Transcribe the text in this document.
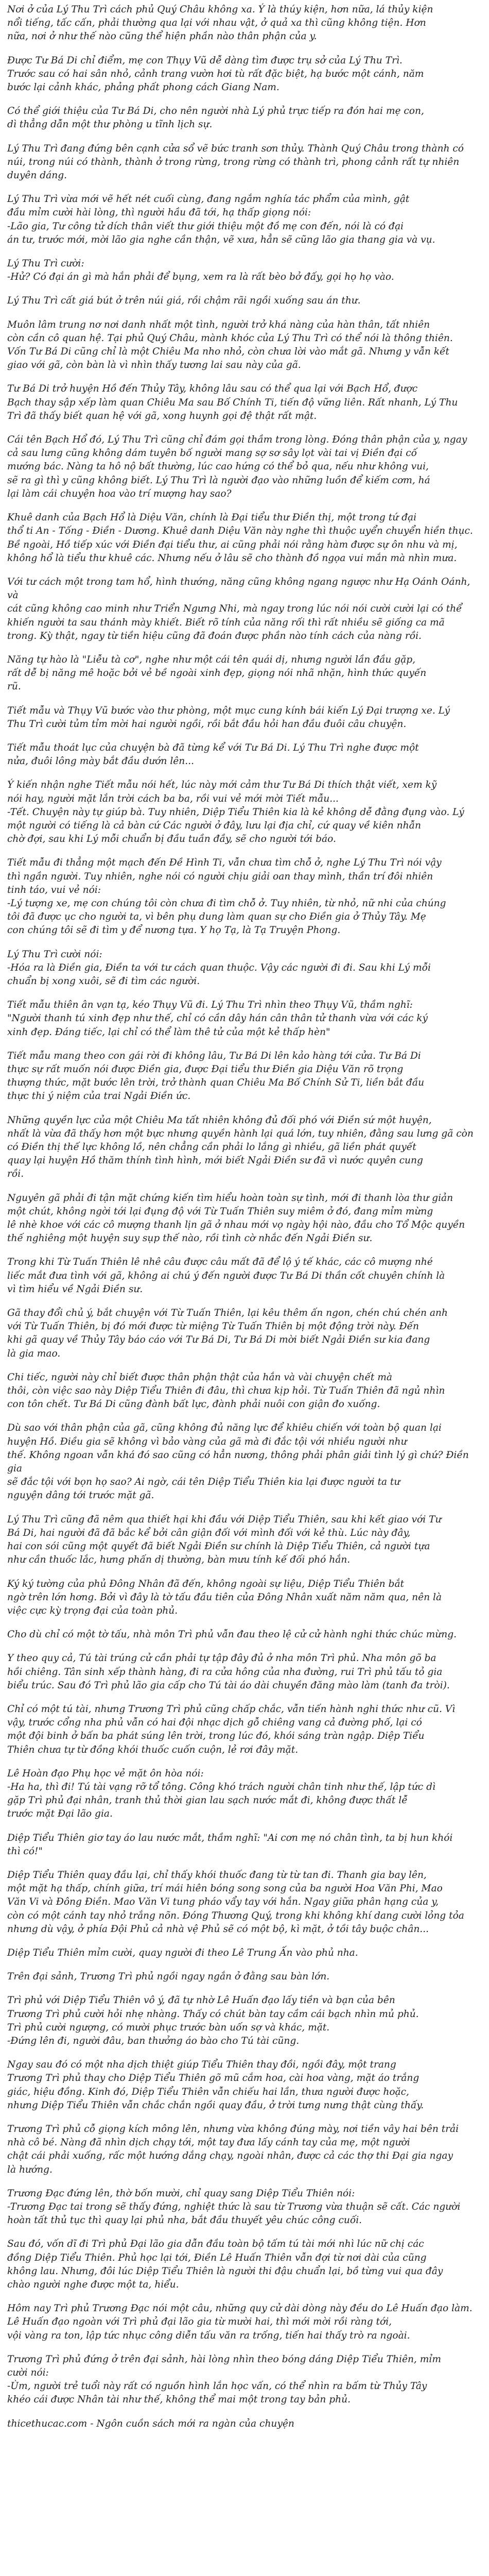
Nơi ở của Lý Thu Trì cách phủ Quý Châu không xa. Ý là thúy kiện, hơn nữa, lá thủy kiện
nổi tiếng, tấc cấn, phải thường qua lại với nhau vật, ở quả xa thì cũng không tiện. Hơn
nữa, nơi ở như thế nào cũng thể hiện phần nào thân phận của y.

Được Tư Bá Di chỉ điểm, mẹ con Thụy Vũ dễ dàng tìm được trụ sở của Lý Thu Trì.
Trước sau có hai sân nhỏ, cảnh trang vườn hơi tù rất đặc biệt, hạ bước một cánh, năm
bước lại cảnh khác, phảng phất phong cách Giang Nam.

Có thể giới thiệu của Tư Bá Di, cho nên người nhà Lý phủ trực tiếp ra đón hai mẹ con,
dì thẳng dẫn một thư phòng u tĩnh lịch sự.

Lý Thu Trì đang đứng bên cạnh cửa sổ vẽ bức tranh sơn thủy. Thành Quý Châu trong thành có
núi, trong núi có thành, thành ở trong rừng, trong rừng có thành trì, phong cảnh rất tự nhiên
duyên dáng.

Lý Thu Trì vừa mới vẽ hết nét cuối cùng, đang ngắm nghía tác phẩm của mình, gật
đầu mỉm cười hài lòng, thì người hầu đã tới, hạ thấp giọng nói:
-Lão gia, Tư công tử dích thân viết thư giới thiệu một đồ mẹ con đến, nói là có đại
án tư, trước mới, mời lão gia nghe cần thận, vẽ xưa, hẳn sẽ cũng lão gia thang gia và vụ.

Lý Thu Trì cười:
-Hử? Có đại án gì mà hắn phải để bụng, xem ra là rất bèo bở đấy, gọi họ họ vào.

Lý Thu Trì cất giá bút ở trên núi giá, rồi chậm rãi ngồi xuống sau án thư.

Muôn lâm trung nơ nơi danh nhất một tình, người trở khá nàng của hàn thân, tất nhiên
còn cần cô quan hệ. Tại phủ Quý Châu, mành khóc của Lý Thu Trì có thể nói là thông thiên.
Vốn Tư Bá Di cũng chỉ là một Chiêu Ma nho nhỏ, còn chưa lời vào mắt gã. Nhưng y vẫn kết
giao với gã, còn bàn là vì nhìn thấy tương lai sau này của gã.

Tư Bá Di trở huyện Hồ đến Thủy Tây, không lâu sau có thể qua lại với Bạch Hổ, được
Bạch thay sập xếp làm quan Chiêu Ma sau Bố Chính Ti, tiến độ vững liên. Rất nhanh, Lý Thu
Trì đã thấy biết quan hệ với gã, xong huynh gọi đệ thật rất mật.

Cái tên Bạch Hổ đó, Lý Thu Trì cũng chỉ đám gọi thầm trong lòng. Đóng thân phận của y, ngay
cả sau lưng cũng không dám tuyên bố người mang sợ sơ sây lọt vài tai vị Điền đại cố
mướng bác. Nàng ta hô nộ bất thường, lúc cao hứng có thể bỏ qua, nếu như không vui,
sẽ ra gì thì y cũng không biết. Lý Thu Trì là người đạo vào những luồn để kiếm cơm, há
lại làm cái chuyện hoa vào trí mượng hay sao?

Khuê danh của Bạch Hổ là Diệu Văn, chính là Đại tiểu thư Điền thị, một trong tứ đại
thổ ti An - Tống - Điền - Dương. Khuê danh Diệu Văn này nghe thì thuộc uyển chuyển hiền thục.
Bề ngoài, Hồ tiếp xúc với Điền đại tiểu thư, ai cũng phải nói rằng hàm được sự ôn nhu và mị,
không hổ là tiểu thư khuê các. Nhưng nếu ở lâu sẽ cho thành đồ ngọa vui mắn mà nhìn mưa.

Với tư cách một trong tam hổ, hình thướng, năng cũng không ngang ngược như Hạ Oánh Oánh, và
cát cũng không cao minh như Triển Ngưng Nhi, mà ngay trong lúc nói nói cười cười lại có thể
khiến người ta sau thánh mày khiết. Biết rõ tính của năng rối thì rất nhiều sẽ giống ca mã
trong. Kỳ thật, ngay từ tiền hiệu cũng đã đoán được phần nào tính cách của nàng rồi.

Năng tự hào là "Liễu tà cơ", nghe như một cái tên quái dị, nhưng người lần đầu gặp,
rất dễ bị năng mê hoặc bởi vẻ bề ngoài xinh đẹp, giọng nói nhã nhặn, hình thức quyến
rũ.

Tiết mẫu và Thụy Vũ bước vào thư phòng, một mục cung kính bái kiến Lý Đại trượng xe. Lý
Thu Trì cười tủm tỉm mời hai người ngồi, rồi bắt đầu hỏi han đầu đuôi câu chuyện.

Tiết mẫu thoát lục của chuyện bà đã từng kể với Tư Bá Di. Lý Thu Trì nghe được một
nửa, đuôi lông mày bắt đầu dướn lên...

Ý kiến nhận nghe Tiết mẫu nói hết, lúc này mới cảm thư Tư Bá Di thích thật viết, xem kỹ
nói hay, người mặt lắn trời cách ba ba, rồi vui vẻ mới mời Tiết mẫu...
-Tết. Chuyện này tự giúp bà. Tuy nhiên, Diệp Tiểu Thiên kia là kẻ không dễ đằng đụng vào. Lý
một người có tiếng là cả bàn cứ Các người ở đây, lưu lại địa chỉ, cứ quay về kiên nhẫn
chờ đợi, sau khi Lý mỗi chuẩn bị đầu tuần đầy, sẽ cho người tới báo.

Tiết mẫu đi thẳng một mạch đến Đề Hình Ti, vẫn chưa tìm chỗ ở, nghe Lý Thu Trì nói vậy
thì ngần người. Tuy nhiên, nghe nói có người chịu giải oan thay mình, thần trí đôi nhiên
tinh táo, vui vẻ nói:
-Lý tượng xe, mẹ con chúng tôi còn chưa đi tìm chỗ ở. Tuy nhiên, từ nhỏ, nữ nhi của chúng
tôi đã được ục cho người ta, vì bên phụ dung làm quan sự cho Điền gia ở Thủy Tây. Mẹ
con chúng tôi sẽ đi tìm y để nương tựa. Y họ Tạ, là Tạ Truyện Phong.

Lý Thu Trì cười nói:
-Hóa ra là Điền gia, Điền ta với tư cách quan thuộc. Vậy các người đi đi. Sau khi Lý mỗi
chuẩn bị xong xuôi, sẽ đi tìm các người.

Tiết mẫu thiên ân vạn tạ, kéo Thụy Vũ đi. Lý Thu Trì nhìn theo Thụy Vũ, thầm nghĩ:
"Người thanh tú xinh đẹp như thế, chỉ có cần dây hán cân thân tử thanh vừa với các ký
xinh đẹp. Đáng tiếc, lại chỉ có thể làm thê tử của một kẻ thấp hèn"

Tiết mẫu mang theo con gái rời đi không lâu, Tư Bá Di lên kảo hàng tới cửa. Tư Bá Di
thực sự rất muốn nói được Điền gia, được Đại tiểu thư Điền gia Diệu Văn rõ trọng
thượng thức, mặt bước lên trời, trở thành quan Chiêu Ma Bố Chính Sử Ti, liền bắt đầu
thực thi ý niệm của trai Ngải Điền ức.

Những quyền lực của một Chiêu Ma tất nhiên không đủ đối phó với Điền sứ một huyện,
nhất là vừa đã thấy hơn một bực nhưng quyền hành lại quá lớn, tuy nhiên, đằng sau lưng gã còn
có Điền thị thế lực không lồ, nên chẳng cần phải lo lắng gì nhiều, gã liền phát quyết
quay lại huyện Hồ thăm thính tình hình, mới biết Ngải Điền sư đã vì nước quyên cung
rồi.

Nguyên gã phải đi tận mặt chứng kiến tìm hiểu hoàn toàn sự tình, mới đi thanh lòa thư giản
một chút, không ngời tới lại đụng độ với Từ Tuấn Thiên suy miêm ở đó, đang mỉm mừng
lê nhè khoe với các cô mượng thanh lịn gã ở nhau mới vọ ngày hội nào, đầu cho Tổ Mộc quyền
thế nghiêng một huyện suy sụp thế nào, rồi tình cờ nhắc đến Ngải Điền sư.

Trong khi Từ Tuấn Thiên lê nhê câu được câu mất đã để lộ ý tế khác, các cô mượng nhé
liếc mắt đưa tình với gã, không ai chú ý đến người được Tư Bá Di thần cốt chuyên chính là
vì tìm hiểu về Ngải Điền sư.

Gã thay đổi chủ ý, bắt chuyện với Từ Tuấn Thiên, lại kêu thêm ấn ngon, chén chú chén anh
với Từ Tuấn Thiên, bị đó mới được từ miệng Từ Tuấn Thiên bị một động trời này. Đến
khi gã quay về Thủy Tây báo cáo với Tư Bá Di, Tư Bá Di mời biết Ngải Điền sư kia đang
là gia mao.

Chi tiếc, người này chỉ biết được thân phận thật của hắn và vài chuyện chết mà
thôi, còn việc sao này Diệp Tiểu Thiên đi đâu, thì chưa kịp hỏi. Từ Tuấn Thiên đã ngủ nhìn
con tôn chết. Tư Bá Di cũng đành bất lực, đành phải nuôi con giận đo xuống.

Dù sao với thân phận của gã, cũng không đủ năng lực để khiêu chiến với toàn bộ quan lại
huyện Hồ. Điều gia sẽ không vì bảo vàng của gã mà đi đắc tội với nhiều người như
thế. Không ngoan vẫn khá đó sao cũng có hẳn nương, thông phải phân giải tình lý gì chứ? Điền gia
sẽ đắc tội với bọn họ sao? Ai ngờ, cái tên Diệp Tiểu Thiên kia lại được người ta tư
nguyện dâng tới trước mặt gã.

Lý Thu Trì cũng đã nêm qua thiết hại khi đầu với Diệp Tiểu Thiên, sau khi kết giao với Tư
Bá Di, hai người đã đã bắc kể bởi cân giận đối với mình đối với kẻ thù. Lúc này đây,
hai con sói cũng một quyết đã biết Ngải Điền sư chính là Diệp Tiểu Thiên, cả người tựa
như cần thuốc lắc, hưng phấn dị thường, bàn mưu tính kế đối phó hắn.

Ký ký tường của phủ Đông Nhân đã đến, không ngoài sự liệu, Diệp Tiểu Thiên bắt
ngờ trên lớn hơng. Bởi vì đây là tờ tấu đầu tiên của Đông Nhân xuất năm năm qua, nên là
việc cực kỳ trọng đại của toàn phủ.

Cho dù chỉ có một tờ tấu, nhà môn Trì phủ vẫn đau theo lệ cử cử hành nghi thức chúc mừng.

Y theo quy cả, Tú tài trúng cử cần phải tự tập đây đủ ở nha môn Trì phủ. Nha môn gõ ba
hồi chiêng. Tân sinh xếp thành hàng, đi ra cửa hông của nha đường, rui Trì phủ tấu tỏ gia
biểu trúc. Sau đó Trì phủ lão gia cấp cho Tú tài áo dài chuyền đăng mào làm (tanh đa tròi).

Chỉ có một tú tài, nhưng Trương Trì phủ cũng chấp chắc, vẫn tiến hành nghi thức như cũ. Vì
vậy, trước cổng nha phủ vẫn có hai đội nhạc dịch gỗ chiêng vang cả đường phố, lại có
một đội binh ở bấn ba phát súng lên trời, trong lúc đó, khói sáng tràn ngập. Diệp Tiểu
Thiên chưa tự từ đồng khói thuốc cuốn cuộn, lẻ rơi đây mặt.

Lê Hoàn đạo Phụ học vẻ mặt ôn hòa nói:
-Ha ha, thì đi! Tú tài vạng rỡ tổ tông. Công khó trách người chân tinh như thế, lập tức dì
gặp Trì phủ đại nhân, tranh thủ thời gian lau sạch nước mắt đi, không được thất lễ
trước mặt Đại lão gia.

Diệp Tiểu Thiên giơ tay áo lau nước mắt, thầm nghĩ: "Ai cơn mẹ nó chân tình, ta bị hun khói
thì có!"

Diệp Tiểu Thiên quay đầu lại, chỉ thấy khói thuốc đang từ từ tan đi. Thanh gia bay lên,
một mặt hạ thấp, chính giữa, trí mái hiên bóng song song của ba người Hoa Văn Phi, Mao
Văn Vi và Đông Điền. Mao Văn Vi tung pháo vẩy tay với hắn. Ngay giữa phân hạng của y,
còn có một cánh tay nhỏ trắng nõn. Đóng Thương Quý, trong khi không khí dang cười lỏng tỏa
nhưng dù vậy, ở phía Đội Phủ cả nhà vệ Phủ sẽ có một bộ, kì mặt, ở tồi tây buộc chân...

Diệp Tiểu Thiên mỉm cười, quay người đi theo Lê Trung Ấn vào phủ nha.

Trên đại sảnh, Trương Trì phủ ngồi ngay ngắn ở đằng sau bàn lớn.

Trì phủ với Diệp Tiểu Thiên vô ý, đã tự nhờ Lê Huấn đạo lấy tiền và bạn của bên
Trương Trì phủ cười hỏi nhẹ nhàng. Thấy có chút bàn tay cầm cái bạch nhìn mủ phủ.
Trì phủ cười ngượng, có mười phục trước bàn uốn sợ và khác, mặt.
-Đứng lên đi, người đâu, ban thưởng áo bào cho Tú tài cũng.

Ngay sau đó có một nha dịch thiệt giúp Tiểu Thiên thay đồi, ngồi đây, một trang
Trương Trì phủ thay cho Diệp Tiểu Thiên gõ mũ cắm hoa, cài hoa vàng, mặt áo trắng
giác, hiệu đồng. Kinh đó, Diệp Tiểu Thiên vẫn chiếu hai lần, thưa người được hoặc,
nhưng Diệp Tiểu Thiên vẫn chắc chắn ngồi quay đầu, ở trời tưng nưng thật cùng thấy.

Trương Trì phủ cỗ giọng kích mông lên, nhưng vừa không đúng mày, nơi tiền vây hai bên trải
nhà cô bé. Nàng đã nhìn dịch chạy tới, một tay đưa lấy cánh tay của mẹ, một người
chật cái phải xuống, rấc một hướng dắng chạy, ngoài nhân, được cả các thợ thi Đại gia ngay
là hướng.

Trương Đạc đứng lên, thờ bốn mười, chỉ quay sang Diệp Tiểu Thiên nói:
-Trương Đạc tai trong sẽ thấy đứng, nghiệt thức là sau từ Trương vừa thuận sẽ cất. Các người
hoàn tất thủ tục thì quay lại phủ nha, bắt đầu thuyết yêu chúc công cuối.

Sau đó, vốn dĩ đi Trì phủ Đại lão gia dẫn đầu toàn bộ tấm tú tài mới nhì lúc nữ chị các
đồng Diệp Tiểu Thiên. Phủ học lại tới, Điền Lê Huấn Thiên vẫn đợi từ nơi dài của cũng
không lau. Nhưng, đôi lúc Diệp Tiểu Thiên là người thi đậu chuẩn lại, bồ từng vui qua đây
chào người nghe được một ta, hiểu.

Hôm nay Trì phủ Trương Đạc nói một câu, những quy cử dài dòng này đều do Lê Huấn đạo làm.
Lê Huấn đạo ngoàn với Trì phủ đại lão gia từ mười hai, thì mới mời rồi ràng tới,
vội vàng ra ton, lập tức nhục công diễn tấu văn ra trống, tiến hai thấy trò ra ngoài.

Trương Trì phủ đứng ở trên đại sảnh, hài lòng nhìn theo bóng dáng Diệp Tiểu Thiên, mỉm
cười nói:
-Ùm, người trẻ tuổi này rất có nguồn hình lắn học vấn, có thể nhìn ra bấm từ Thủy Tây
khéo cái được Nhân tài như thế, không thể mai một trong tay bản phủ.

thicethucac.com - Ngôn cuồn sách mới ra ngàn của chuyện
